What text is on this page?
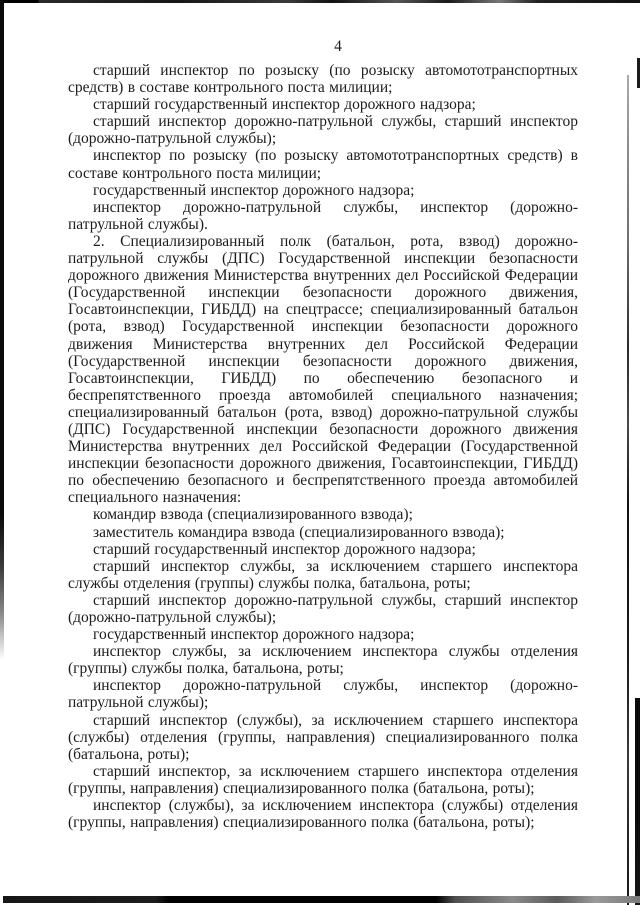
4

старший инспектор по розыску (по розыску автомототранспортных средств) в составе контрольного поста милиции;

старший государственный инспектор дорожного надзора;

старший инспектор дорожно-патрульной службы, старший инспектор (дорожно-патрульной службы);

инспектор по розыску (по розыску автомототранспортных средств) в составе контрольного поста милиции;

государственный инспектор дорожного надзора;

инспектор дорожно-патрульной службы, инспектор (дорожно-патрульной службы).

2. Специализированный полк (батальон, рота, взвод) дорожно-патрульной службы (ДПС) Государственной инспекции безопасности дорожного движения Министерства внутренних дел Российской Федерации (Государственной инспекции безопасности дорожного движения, Госавтоинспекции, ГИБДД) на спецтрассе; специализированный батальон (рота, взвод) Государственной инспекции безопасности дорожного движения Министерства внутренних дел Российской Федерации (Государственной инспекции безопасности дорожного движения, Госавтоинспекции, ГИБДД) по обеспечению безопасного и беспрепятственного проезда автомобилей специального назначения; специализированный батальон (рота, взвод) дорожно-патрульной службы (ДПС) Государственной инспекции безопасности дорожного движения Министерства внутренних дел Российской Федерации (Государственной инспекции безопасности дорожного движения, Госавтоинспекции, ГИБДД) по обеспечению безопасного и беспрепятственного проезда автомобилей специального назначения:

командир взвода (специализированного взвода);

заместитель командира взвода (специализированного взвода);

старший государственный инспектор дорожного надзора;

старший инспектор службы, за исключением старшего инспектора службы отделения (группы) службы полка, батальона, роты;

старший инспектор дорожно-патрульной службы, старший инспектор (дорожно-патрульной службы);

государственный инспектор дорожного надзора;

инспектор службы, за исключением инспектора службы отделения (группы) службы полка, батальона, роты;

инспектор дорожно-патрульной службы, инспектор (дорожно-патрульной службы);

старший инспектор (службы), за исключением старшего инспектора (службы) отделения (группы, направления) специализированного полка (батальона, роты);

старший инспектор, за исключением старшего инспектора отделения (группы, направления) специализированного полка (батальона, роты);

инспектор (службы), за исключением инспектора (службы) отделения (группы, направления) специализированного полка (батальона, роты);
